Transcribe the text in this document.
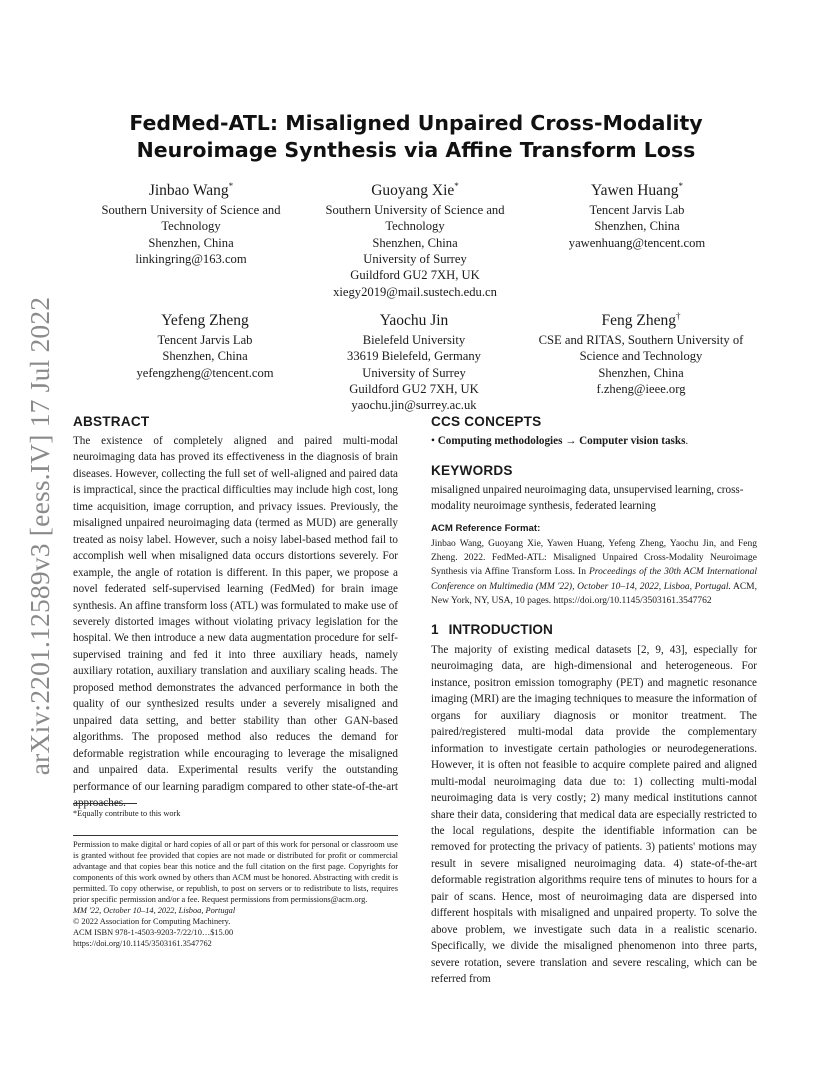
arXiv:2201.12589v3 [eess.IV] 17 Jul 2022
FedMed-ATL: Misaligned Unpaired Cross-Modality Neuroimage Synthesis via Affine Transform Loss
Jinbao Wang*
Southern University of Science and Technology
Shenzhen, China
linkingring@163.com
Guoyang Xie*
Southern University of Science and Technology
Shenzhen, China
University of Surrey
Guildford GU2 7XH, UK
xiegy2019@mail.sustech.edu.cn
Yawen Huang*
Tencent Jarvis Lab
Shenzhen, China
yawenhuang@tencent.com
Yefeng Zheng
Tencent Jarvis Lab
Shenzhen, China
yefengzheng@tencent.com
Yaochu Jin
Bielefeld University
33619 Bielefeld, Germany
University of Surrey
Guildford GU2 7XH, UK
yaochu.jin@surrey.ac.uk
Feng Zheng†
CSE and RITAS, Southern University of Science and Technology
Shenzhen, China
f.zheng@ieee.org
ABSTRACT

The existence of completely aligned and paired multi-modal neuroimaging data has proved its effectiveness in the diagnosis of brain diseases. However, collecting the full set of well-aligned and paired data is impractical, since the practical difficulties may include high cost, long time acquisition, image corruption, and privacy issues. Previously, the misaligned unpaired neuroimaging data (termed as MUD) are generally treated as noisy label. However, such a noisy label-based method fail to accomplish well when misaligned data occurs distortions severely. For example, the angle of rotation is different. In this paper, we propose a novel federated self-supervised learning (FedMed) for brain image synthesis. An affine transform loss (ATL) was formulated to make use of severely distorted images without violating privacy legislation for the hospital. We then introduce a new data augmentation procedure for self-supervised training and fed it into three auxiliary heads, namely auxiliary rotation, auxiliary translation and auxiliary scaling heads. The proposed method demonstrates the advanced performance in both the quality of our synthesized results under a severely misaligned and unpaired data setting, and better stability than other GAN-based algorithms. The proposed method also reduces the demand for deformable registration while encouraging to leverage the misaligned and unpaired data. Experimental results verify the outstanding performance of our learning paradigm compared to other state-of-the-art approaches.

*Equally contribute to this work

Permission to make digital or hard copies of all or part of this work for personal or classroom use is granted without fee provided that copies are not made or distributed for profit or commercial advantage and that copies bear this notice and the full citation on the first page. Copyrights for components of this work owned by others than ACM must be honored. Abstracting with credit is permitted. To copy otherwise, or republish, to post on servers or to redistribute to lists, requires prior specific permission and/or a fee. Request permissions from permissions@acm.org.

MM '22, October 10–14, 2022, Lisboa, Portugal
© 2022 Association for Computing Machinery.
ACM ISBN 978-1-4503-9203-7/22/10…$15.00
https://doi.org/10.1145/3503161.3547762
CCS CONCEPTS
• Computing methodologies → Computer vision tasks.
KEYWORDS
misaligned unpaired neuroimaging data, unsupervised learning, cross-modality neuroimage synthesis, federated learning
ACM Reference Format:
Jinbao Wang, Guoyang Xie, Yawen Huang, Yefeng Zheng, Yaochu Jin, and Feng Zheng. 2022. FedMed-ATL: Misaligned Unpaired Cross-Modality Neuroimage Synthesis via Affine Transform Loss. In Proceedings of the 30th ACM International Conference on Multimedia (MM '22), October 10–14, 2022, Lisboa, Portugal. ACM, New York, NY, USA, 10 pages. https://doi.org/10.1145/3503161.3547762
1 INTRODUCTION

The majority of existing medical datasets [2, 9, 43], especially for neuroimaging data, are high-dimensional and heterogeneous. For instance, positron emission tomography (PET) and magnetic resonance imaging (MRI) are the imaging techniques to measure the information of organs for auxiliary diagnosis or monitor treatment. The paired/registered multi-modal data provide the complementary information to investigate certain pathologies or neurodegenerations. However, it is often not feasible to acquire complete paired and aligned multi-modal neuroimaging data due to: 1) collecting multi-modal neuroimaging data is very costly; 2) many medical institutions cannot share their data, considering that medical data are especially restricted to the local regulations, despite the identifiable information can be removed for protecting the privacy of patients. 3) patients' motions may result in severe misaligned neuroimaging data. 4) state-of-the-art deformable registration algorithms require tens of minutes to hours for a pair of scans. Hence, most of neuroimaging data are dispersed into different hospitals with misaligned and unpaired property. To solve the above problem, we investigate such data in a realistic scenario. Specifically, we divide the misaligned phenomenon into three parts, severe rotation, severe translation and severe rescaling, which can be referred from
